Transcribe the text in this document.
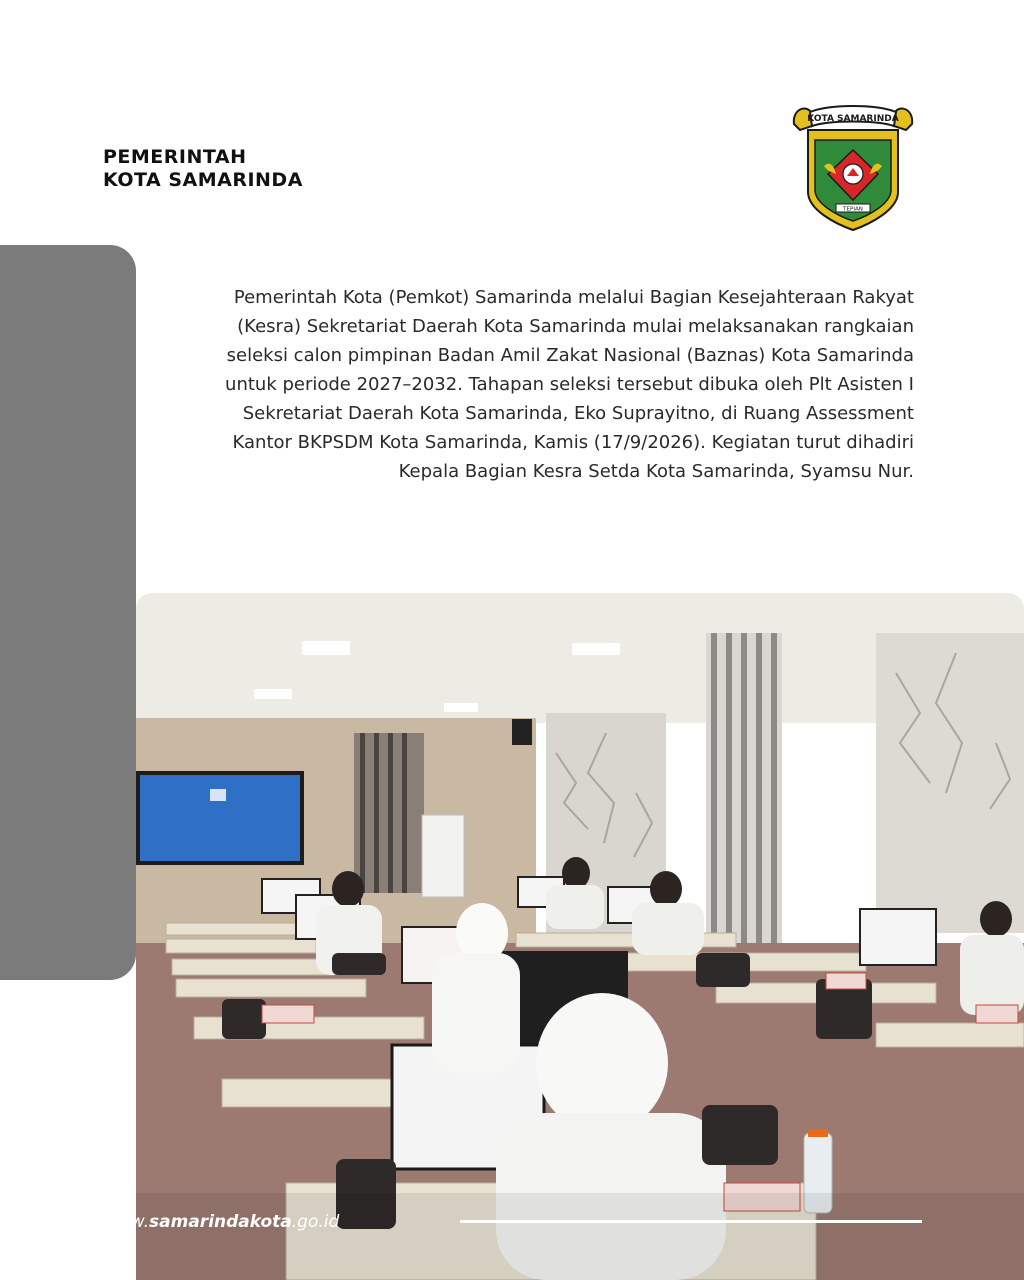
PEMERINTAH
KOTA SAMARINDA
KOTA SAMARINDA
TEPIAN
Pemerintah Kota (Pemkot) Samarinda melalui Bagian Kesejahteraan Rakyat (Kesra) Sekretariat Daerah Kota Samarinda mulai melaksanakan rangkaian seleksi calon pimpinan Badan Amil Zakat Nasional (Baznas) Kota Samarinda untuk periode 2027–2032. Tahapan seleksi tersebut dibuka oleh Plt Asisten I Sekretariat Daerah Kota Samarinda, Eko Suprayitno, di Ruang Assessment Kantor BKPSDM Kota Samarinda, Kamis (17/9/2026). Kegiatan turut dihadiri Kepala Bagian Kesra Setda Kota Samarinda, Syamsu Nur.
www.samarindakota.go.id
